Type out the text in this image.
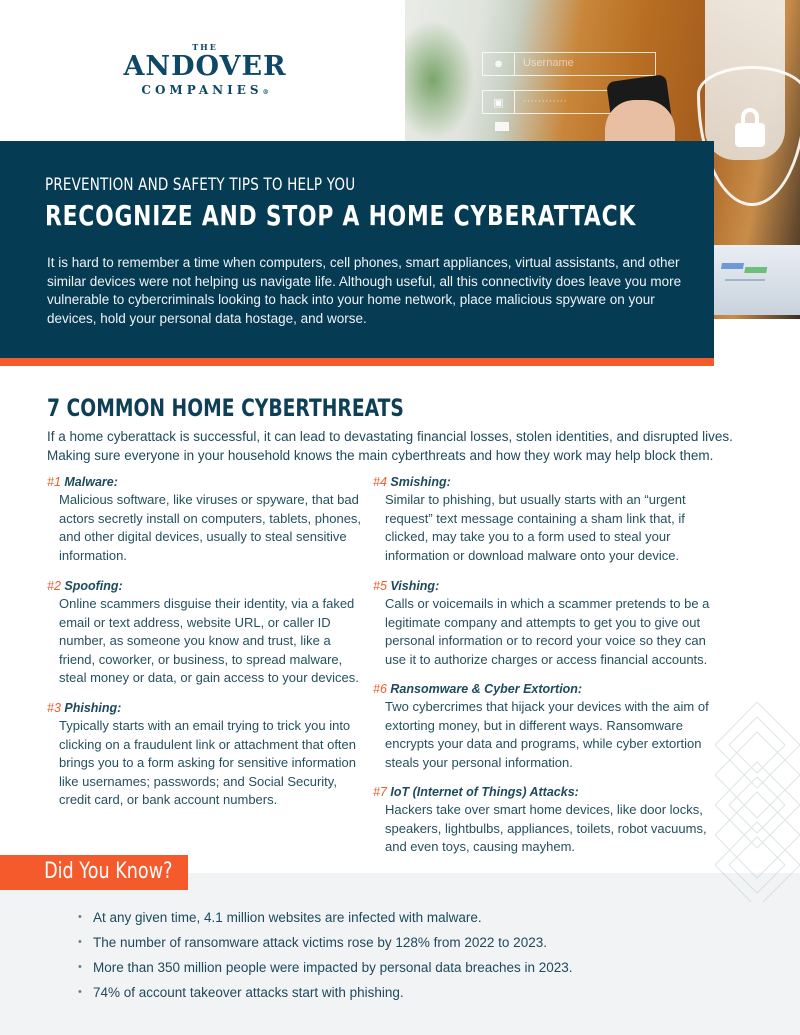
THE
ANDOVER
COMPANIES®
☻	Username
▣	············
PREVENTION AND SAFETY TIPS TO HELP YOU
RECOGNIZE AND STOP A HOME CYBERATTACK
It is hard to remember a time when computers, cell phones, smart appliances, virtual assistants, and other similar devices were not helping us navigate life. Although useful, all this connectivity does leave you more vulnerable to cybercriminals looking to hack into your home network, place malicious spyware on your devices, hold your personal data hostage, and worse.
7 COMMON HOME CYBERTHREATS
If a home cyberattack is successful, it can lead to devastating financial losses, stolen identities, and disrupted lives. Making sure everyone in your household knows the main cyberthreats and how they work may help block them.
#1 Malware:
Malicious software, like viruses or spyware, that bad actors secretly install on computers, tablets, phones, and other digital devices, usually to steal sensitive information.
#2 Spoofing:
Online scammers disguise their identity, via a faked email or text address, website URL, or caller ID number, as someone you know and trust, like a friend, coworker, or business, to spread malware, steal money or data, or gain access to your devices.
#3 Phishing:
Typically starts with an email trying to trick you into clicking on a fraudulent link or attachment that often brings you to a form asking for sensitive information like usernames; passwords; and Social Security, credit card, or bank account numbers.
#4 Smishing:
Similar to phishing, but usually starts with an “urgent request” text message containing a sham link that, if clicked, may take you to a form used to steal your information or download malware onto your device.
#5 Vishing:
Calls or voicemails in which a scammer pretends to be a legitimate company and attempts to get you to give out personal information or to record your voice so they can use it to authorize charges or access financial accounts.
#6 Ransomware & Cyber Extortion:
Two cybercrimes that hijack your devices with the aim of extorting money, but in different ways. Ransomware encrypts your data and programs, while cyber extortion steals your personal information.
#7 IoT (Internet of Things) Attacks:
Hackers take over smart home devices, like door locks, speakers, lightbulbs, appliances, toilets, robot vacuums, and even toys, causing mayhem.
Did You Know?
• At any given time, 4.1 million websites are infected with malware.
• The number of ransomware attack victims rose by 128% from 2022 to 2023.
• More than 350 million people were impacted by personal data breaches in 2023.
• 74% of account takeover attacks start with phishing.
